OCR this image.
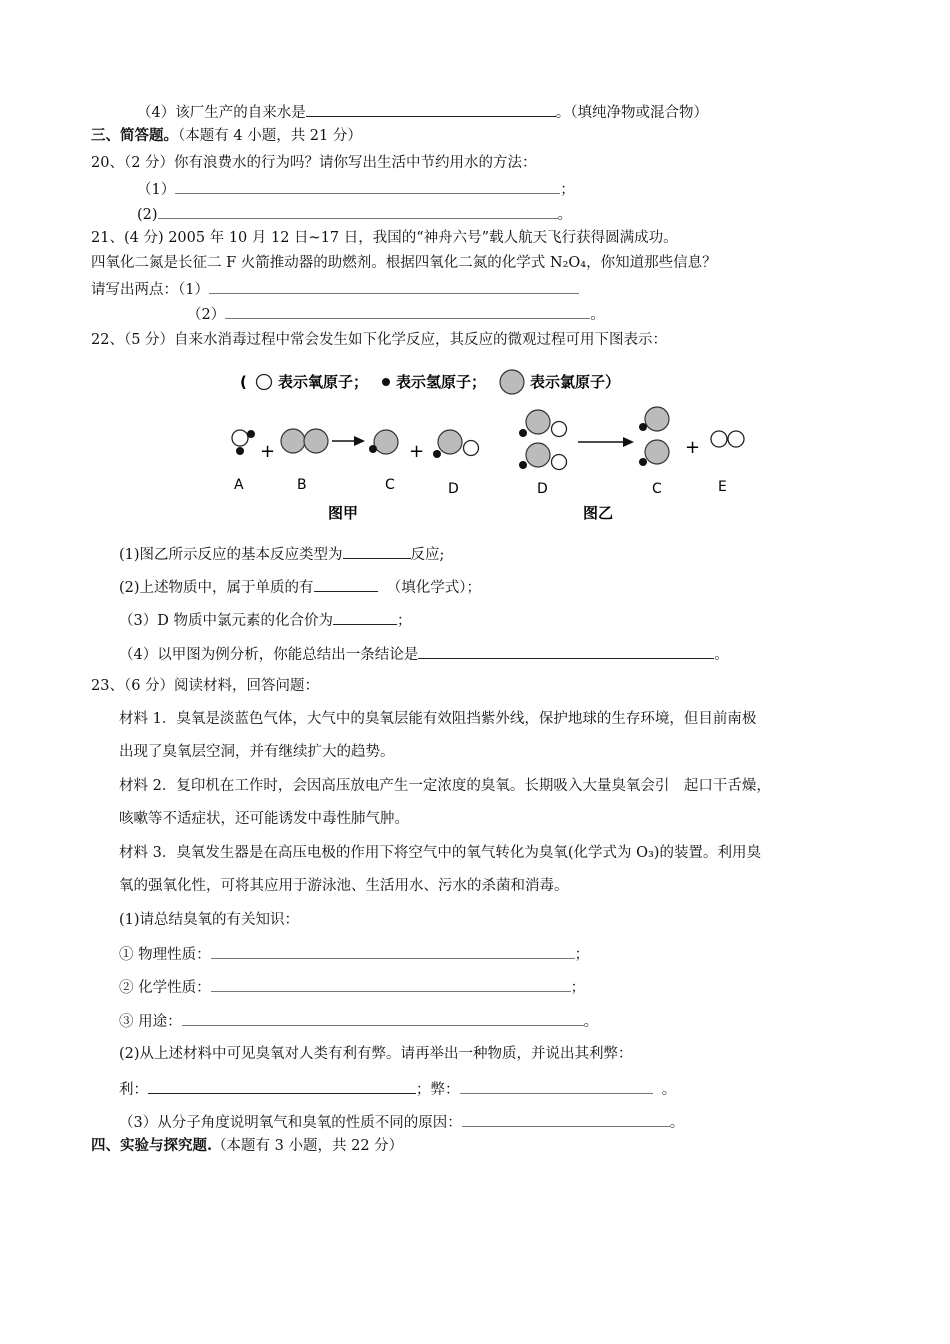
（4）该厂生产的自来水是	。（填纯净物或混合物）
三、简答题。（本题有 4 小题，共 21 分）
20、（2 分）你有浪费水的行为吗？请你写出生活中节约用水的方法：
（1）	；
(2)	。
21、(4 分) 2005 年 10 月 12 日~17 日，我国的“神舟六号”载人航天飞行获得圆满成功。
四氧化二氮是长征二 F 火箭推动器的助燃剂。根据四氧化二氮的化学式 N₂O₄，你知道那些信息？
请写出两点：（1）
（2）	。
22、（5 分）自来水消毒过程中常会发生如下化学反应，其反应的微观过程可用下图表示：
( 表示氧原子； 表示氢原子；	表示氯原子）
+	+
A	B	C	D
图甲
+
D	C	E
图乙
(1)图乙所示反应的基本反应类型为	反应;
(2)上述物质中，属于单质的有	（填化学式）；
（3）D 物质中氯元素的化合价为	；
（4）以甲图为例分析，你能总结出一条结论是	。
23、（6 分）阅读材料，回答问题：
材料 1．臭氧是淡蓝色气体，大气中的臭氧层能有效阻挡紫外线，保护地球的生存环境，但目前南极
出现了臭氧层空洞，并有继续扩大的趋势。
材料 2．复印机在工作时，会因高压放电产生一定浓度的臭氧。长期吸入大量臭氧会引　起口干舌燥，
咳嗽等不适症状，还可能诱发中毒性肺气肿。
材料 3．臭氧发生器是在高压电极的作用下将空气中的氧气转化为臭氧(化学式为 O₃)的装置。利用臭
氧的强氧化性，可将其应用于游泳池、生活用水、污水的杀菌和消毒。
(1)请总结臭氧的有关知识：
① 物理性质：	；
② 化学性质：	；
③ 用途：	。
(2)从上述材料中可见臭氧对人类有利有弊。请再举出一种物质，并说出其利弊：
利：	；弊：	。
（3）从分子角度说明氧气和臭氧的性质不同的原因：	。
四、实验与探究题.（本题有 3 小题，共 22 分）
